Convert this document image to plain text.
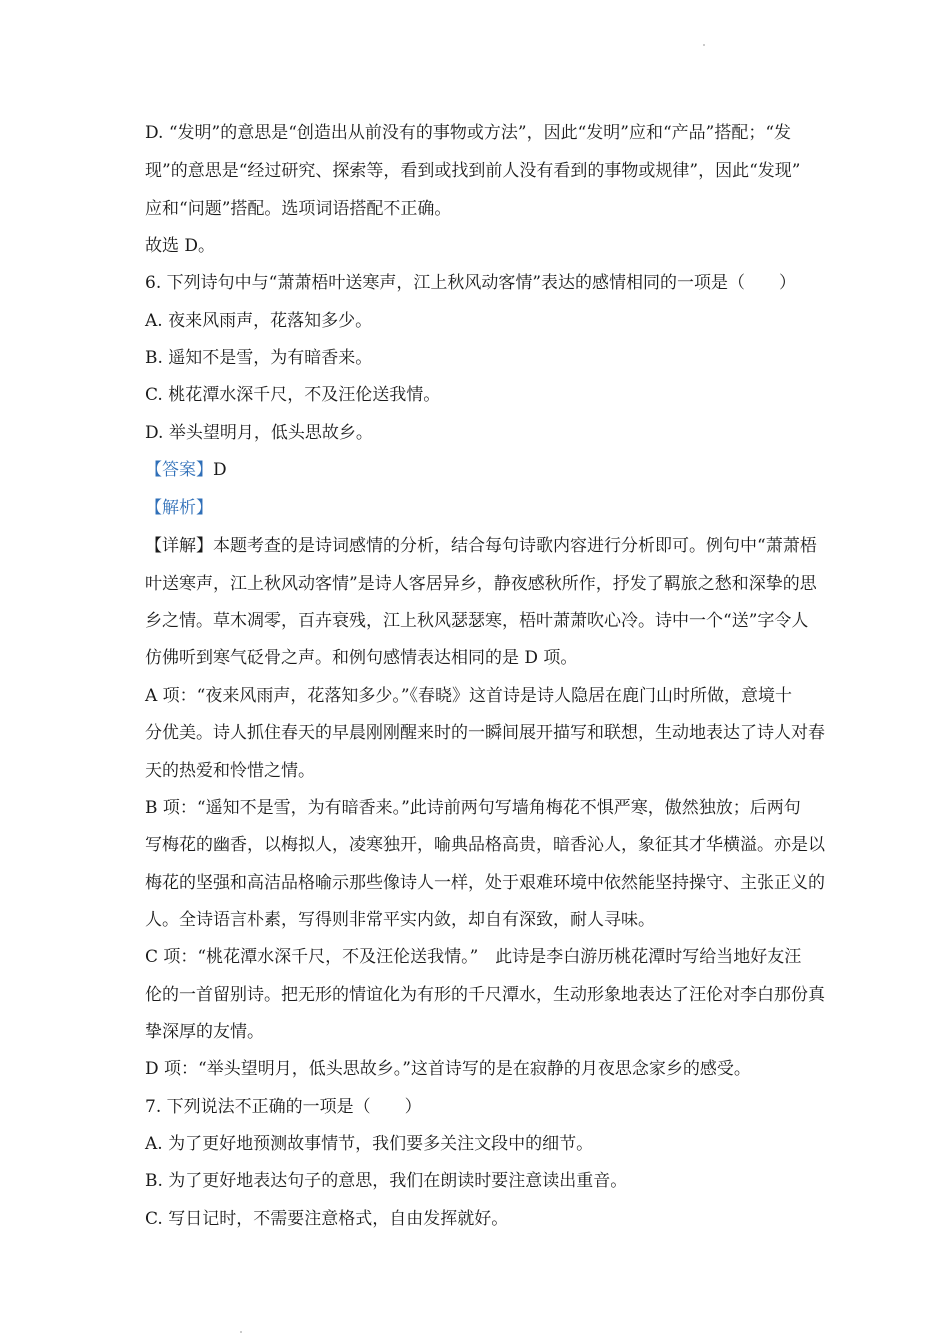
D. “发明”的意思是“创造出从前没有的事物或方法”，因此“发明”应和“产品”搭配；“发
现”的意思是“经过研究、探索等，看到或找到前人没有看到的事物或规律”，因此“发现”
应和“问题”搭配。选项词语搭配不正确。
故选 D。
6. 下列诗句中与“萧萧梧叶送寒声，江上秋风动客情”表达的感情相同的一项是（　　）
A. 夜来风雨声，花落知多少。
B. 遥知不是雪，为有暗香来。
C. 桃花潭水深千尺，不及汪伦送我情。
D. 举头望明月，低头思故乡。
【答案】D
【解析】
【详解】本题考查的是诗词感情的分析，结合每句诗歌内容进行分析即可。例句中“萧萧梧
叶送寒声，江上秋风动客情”是诗人客居异乡，静夜感秋所作，抒发了羁旅之愁和深挚的思
乡之情。草木凋零，百卉衰残，江上秋风瑟瑟寒，梧叶萧萧吹心冷。诗中一个“送”字令人
仿佛听到寒气砭骨之声。和例句感情表达相同的是 D 项。
A 项：“夜来风雨声，花落知多少。”《春晓》这首诗是诗人隐居在鹿门山时所做，意境十
分优美。诗人抓住春天的早晨刚刚醒来时的一瞬间展开描写和联想，生动地表达了诗人对春
天的热爱和怜惜之情。
B 项：“遥知不是雪，为有暗香来。”此诗前两句写墙角梅花不惧严寒，傲然独放；后两句
写梅花的幽香，以梅拟人，凌寒独开，喻典品格高贵，暗香沁人，象征其才华横溢。亦是以
梅花的坚强和高洁品格喻示那些像诗人一样，处于艰难环境中依然能坚持操守、主张正义的
人。全诗语言朴素，写得则非常平实内敛，却自有深致，耐人寻味。
C 项：“桃花潭水深千尺，不及汪伦送我情。”　此诗是李白游历桃花潭时写给当地好友汪
伦的一首留别诗。把无形的情谊化为有形的千尺潭水，生动形象地表达了汪伦对李白那份真
挚深厚的友情。
D 项：“举头望明月，低头思故乡。”这首诗写的是在寂静的月夜思念家乡的感受。
7. 下列说法不正确的一项是（　　）
A. 为了更好地预测故事情节，我们要多关注文段中的细节。
B. 为了更好地表达句子的意思，我们在朗读时要注意读出重音。
C. 写日记时，不需要注意格式，自由发挥就好。
